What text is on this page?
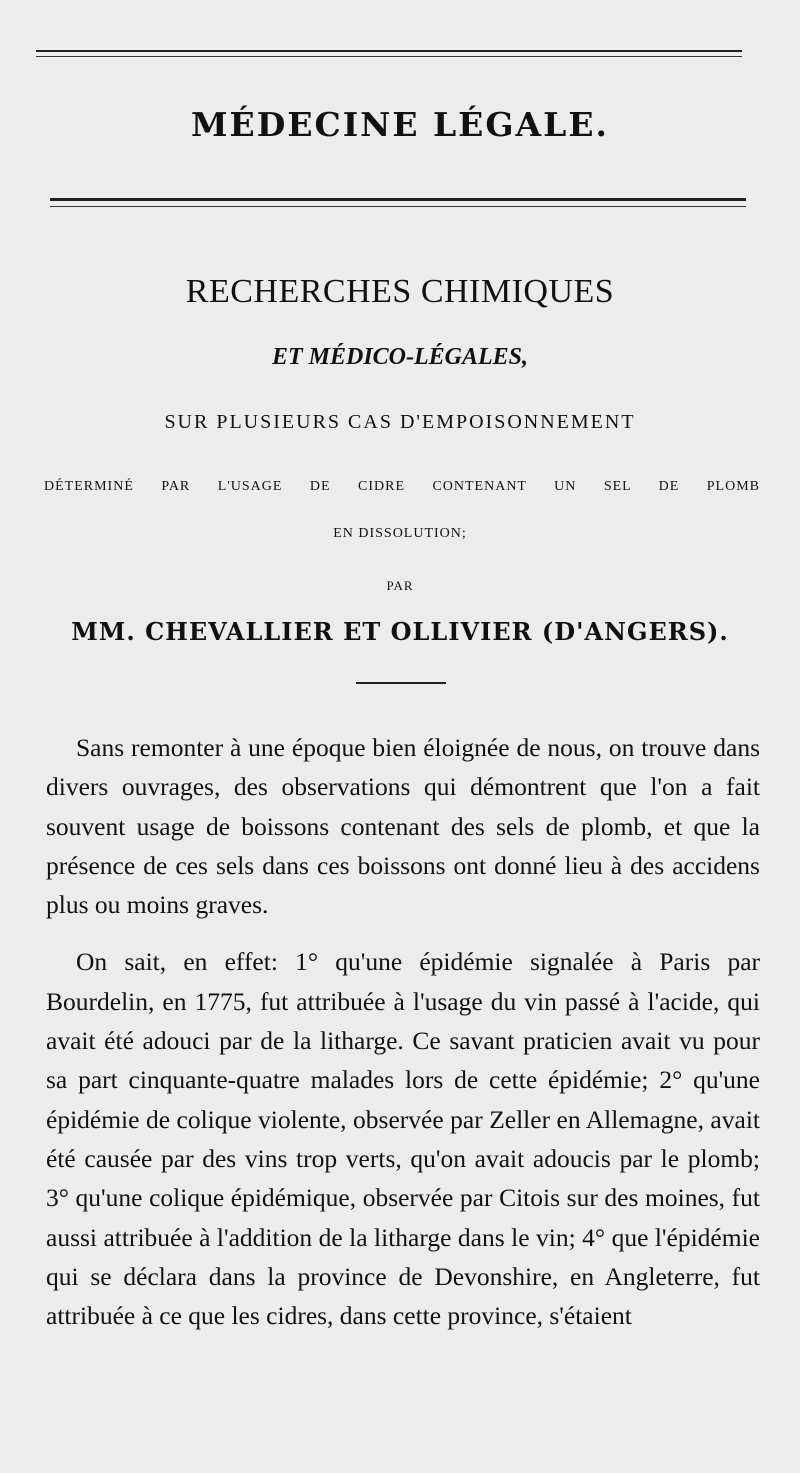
MÉDECINE LÉGALE.
RECHERCHES CHIMIQUES
ET MÉDICO-LÉGALES,
SUR PLUSIEURS CAS D'EMPOISONNEMENT
DÉTERMINÉ PAR L'USAGE DE CIDRE CONTENANT UN SEL DE PLOMB
EN DISSOLUTION;
PAR
MM. CHEVALLIER ET OLLIVIER (D'ANGERS).

Sans remonter à une époque bien éloignée de nous, on trouve dans divers ouvrages, des observations qui démontrent que l'on a fait souvent usage de boissons contenant des sels de plomb, et que la présence de ces sels dans ces boissons ont donné lieu à des accidens plus ou moins graves.

On sait, en effet: 1° qu'une épidémie signalée à Paris par Bourdelin, en 1775, fut attribuée à l'usage du vin passé à l'acide, qui avait été adouci par de la litharge. Ce savant praticien avait vu pour sa part cinquante-quatre malades lors de cette épidémie; 2° qu'une épidémie de colique violente, observée par Zeller en Allemagne, avait été causée par des vins trop verts, qu'on avait adoucis par le plomb; 3° qu'une colique épidémique, observée par Citois sur des moines, fut aussi attribuée à l'addition de la litharge dans le vin; 4° que l'épidémie qui se déclara dans la province de Devonshire, en Angleterre, fut attribuée à ce que les cidres, dans cette province, s'étaient
